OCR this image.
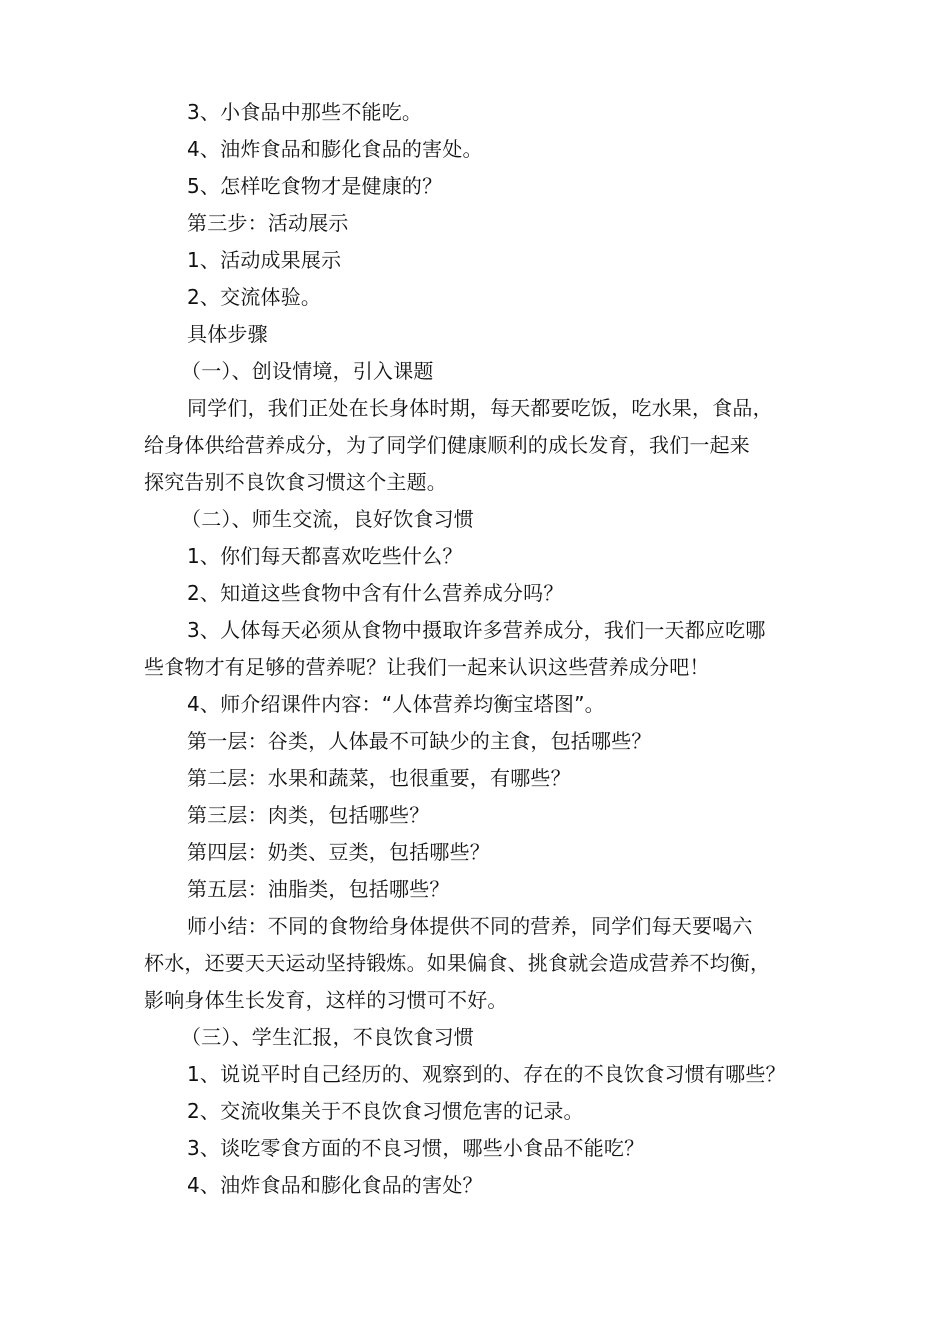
3、小食品中那些不能吃。

4、油炸食品和膨化食品的害处。

5、怎样吃食物才是健康的？

第三步：活动展示

1、活动成果展示

2、交流体验。

具体步骤

（一）、创设情境，引入课题

同学们，我们正处在长身体时期，每天都要吃饭，吃水果，食品，

给身体供给营养成分，为了同学们健康顺利的成长发育，我们一起来

探究告别不良饮食习惯这个主题。

（二）、师生交流，良好饮食习惯

1、你们每天都喜欢吃些什么？

2、知道这些食物中含有什么营养成分吗？

3、人体每天必须从食物中摄取许多营养成分，我们一天都应吃哪

些食物才有足够的营养呢？让我们一起来认识这些营养成分吧！

4、师介绍课件内容：“人体营养均衡宝塔图”。

第一层：谷类，人体最不可缺少的主食，包括哪些？

第二层：水果和蔬菜，也很重要，有哪些？

第三层：肉类，包括哪些？

第四层：奶类、豆类，包括哪些？

第五层：油脂类，包括哪些？

师小结：不同的食物给身体提供不同的营养，同学们每天要喝六

杯水，还要天天运动坚持锻炼。如果偏食、挑食就会造成营养不均衡，

影响身体生长发育，这样的习惯可不好。

（三）、学生汇报，不良饮食习惯

1、说说平时自己经历的、观察到的、存在的不良饮食习惯有哪些？

2、交流收集关于不良饮食习惯危害的记录。

3、谈吃零食方面的不良习惯，哪些小食品不能吃？

4、油炸食品和膨化食品的害处？
